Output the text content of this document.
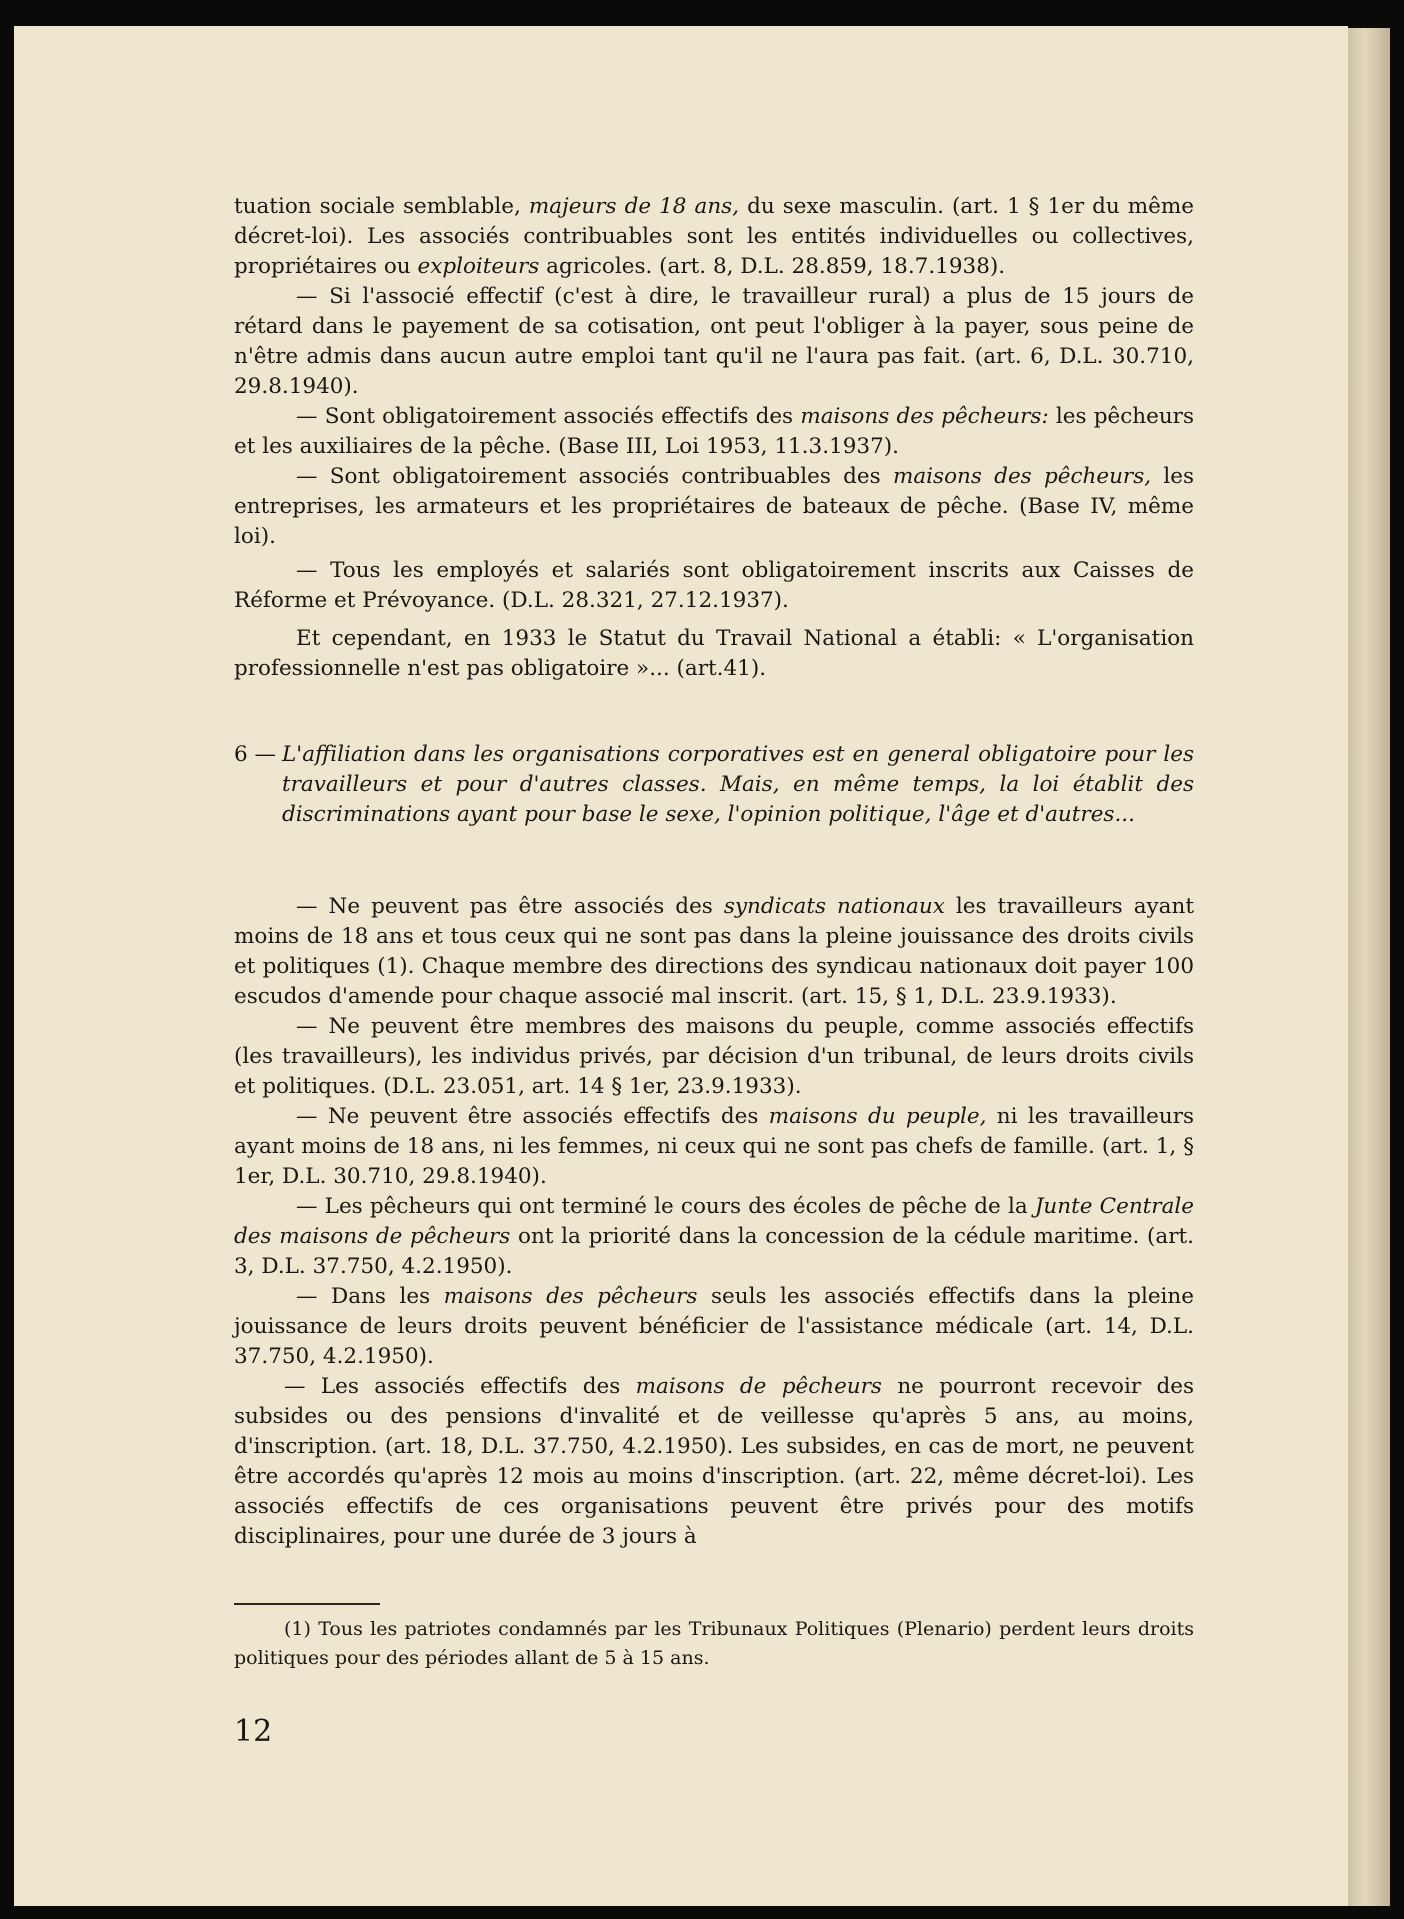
tuation sociale semblable, majeurs de 18 ans, du sexe masculin. (art. 1 § 1er du même décret-loi). Les associés contribuables sont les entités individuelles ou collectives, propriétaires ou exploiteurs agricoles. (art. 8, D.L. 28.859, 18.7.1938).

— Si l'associé effectif (c'est à dire, le travailleur rural) a plus de 15 jours de rétard dans le payement de sa cotisation, ont peut l'obliger à la payer, sous peine de n'être admis dans aucun autre emploi tant qu'il ne l'aura pas fait. (art. 6, D.L. 30.710, 29.8.1940).

— Sont obligatoirement associés effectifs des maisons des pêcheurs: les pêcheurs et les auxiliaires de la pêche. (Base III, Loi 1953, 11.3.1937).

— Sont obligatoirement associés contribuables des maisons des pêcheurs, les entreprises, les armateurs et les propriétaires de bateaux de pêche. (Base IV, même loi).

— Tous les employés et salariés sont obligatoirement inscrits aux Caisses de Réforme et Prévoyance. (D.L. 28.321, 27.12.1937).

Et cependant, en 1933 le Statut du Travail National a établi: « L'organisation professionnelle n'est pas obligatoire »... (art.41).

6 — L'affiliation dans les organisations corporatives est en general obligatoire pour les travailleurs et pour d'autres classes. Mais, en même temps, la loi établit des discriminations ayant pour base le sexe, l'opinion politique, l'âge et d'autres...

— Ne peuvent pas être associés des syndicats nationaux les travailleurs ayant moins de 18 ans et tous ceux qui ne sont pas dans la pleine jouissance des droits civils et politiques (1). Chaque membre des directions des syndicau nationaux doit payer 100 escudos d'amende pour chaque associé mal inscrit. (art. 15, § 1, D.L. 23.9.1933).

— Ne peuvent être membres des maisons du peuple, comme associés effectifs (les travailleurs), les individus privés, par décision d'un tribunal, de leurs droits civils et politiques. (D.L. 23.051, art. 14 § 1er, 23.9.1933).

— Ne peuvent être associés effectifs des maisons du peuple, ni les travailleurs ayant moins de 18 ans, ni les femmes, ni ceux qui ne sont pas chefs de famille. (art. 1, § 1er, D.L. 30.710, 29.8.1940).

— Les pêcheurs qui ont terminé le cours des écoles de pêche de la Junte Centrale des maisons de pêcheurs ont la priorité dans la concession de la cédule maritime. (art. 3, D.L. 37.750, 4.2.1950).

— Dans les maisons des pêcheurs seuls les associés effectifs dans la pleine jouissance de leurs droits peuvent bénéficier de l'assistance médicale (art. 14, D.L. 37.750, 4.2.1950).

— Les associés effectifs des maisons de pêcheurs ne pourront recevoir des subsides ou des pensions d'invalité et de veillesse qu'après 5 ans, au moins, d'inscription. (art. 18, D.L. 37.750, 4.2.1950). Les subsides, en cas de mort, ne peuvent être accordés qu'après 12 mois au moins d'inscription. (art. 22, même décret-loi). Les associés effectifs de ces organisations peuvent être privés pour des motifs disciplinaires, pour une durée de 3 jours à

(1) Tous les patriotes condamnés par les Tribunaux Politiques (Plenario) perdent leurs droits politiques pour des périodes allant de 5 à 15 ans.

12
